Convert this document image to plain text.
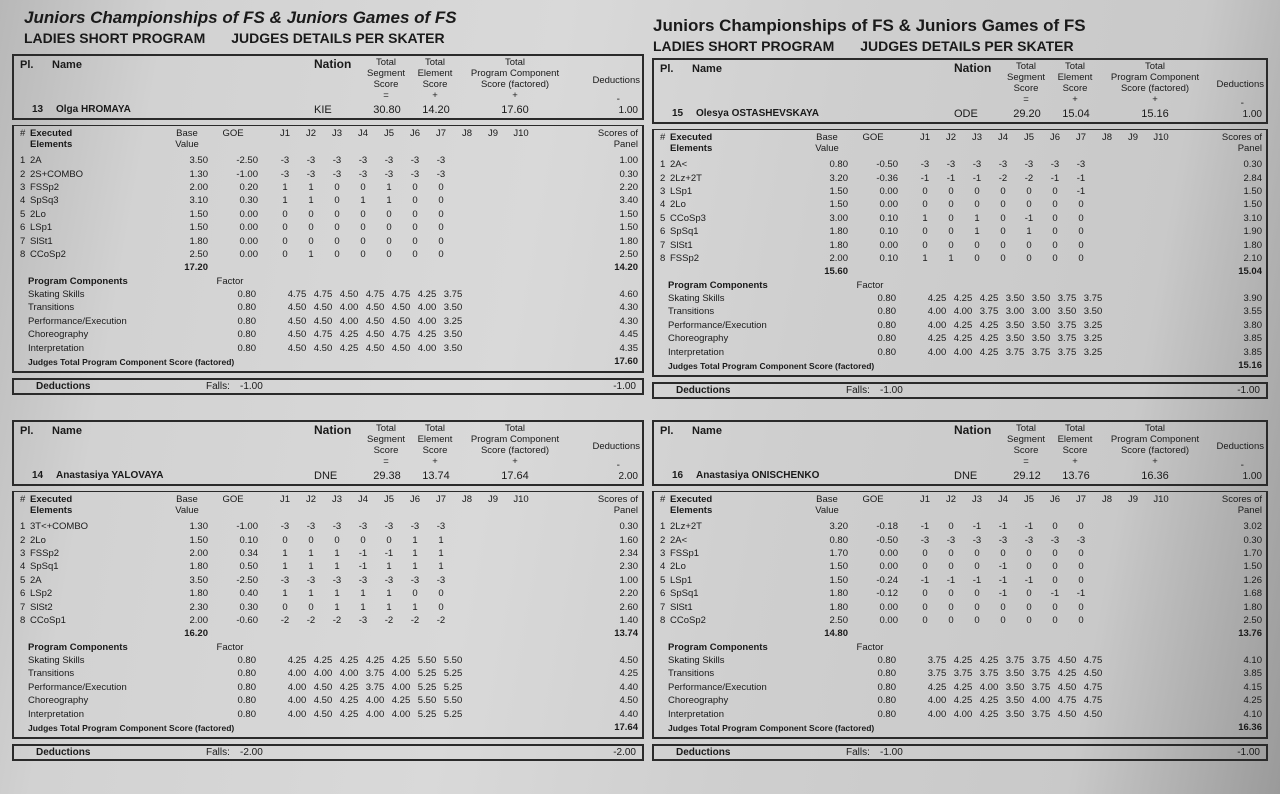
Juniors Championships of FS & Juniors Games of FS
LADIES SHORT PROGRAM JUDGES DETAILS PER SKATER
Juniors Championships of FS & Juniors Games of FS
LADIES SHORT PROGRAM JUDGES DETAILS PER SKATER
Pl. Name	Nation	Total
Segment
Score
=
Total
Element
Score
+
Total
Program Component
Score (factored)
+
Deductions
-
13 Olga HROMAYA	KIE	30.80	14.20	17.60	1.00
# Executed
Elements
Base
Value
GOE	J1	J2	J3	J4	J5	J6	J7	J8	J9	J10	Scores of
Panel
1 2A	3.50	-2.50	-3	-3	-3	-3	-3	-3	-3	1.00
2 2S+COMBO	1.30	-1.00	-3	-3	-3	-3	-3	-3	-3	0.30
3 FSSp2	2.00	0.20	1	1	0	0	1	0	0	2.20
4 SpSq3	3.10	0.30	1	1	0	1	1	0	0	3.40
5 2Lo	1.50	0.00	0	0	0	0	0	0	0	1.50
6 LSp1	1.50	0.00	0	0	0	0	0	0	0	1.50
7 SlSt1	1.80	0.00	0	0	0	0	0	0	0	1.80
8 CCoSp2	2.50	0.00	0	1	0	0	0	0	0	2.50
17.20	14.20
Program Components	Factor
Skating Skills	0.80	4.75 4.75 4.50 4.75 4.75 4.25 3.75	4.60
Transitions	0.80	4.50 4.50 4.00 4.50 4.50 4.00 3.50	4.30
Performance/Execution	0.80	4.50 4.50 4.00 4.50 4.50 4.00 3.25	4.30
Choreography	0.80	4.50 4.75 4.25 4.50 4.75 4.25 3.50	4.45
Interpretation	0.80	4.50 4.50 4.25 4.50 4.50 4.00 3.50	4.35
Judges Total Program Component Score (factored)	17.60
Deductions	Falls:	-1.00	-1.00
Pl. Name	Nation	Total
Segment
Score
=
Total
Element
Score
+
Total
Program Component
Score (factored)
+
Deductions
-
15 Olesya OSTASHEVSKAYA	ODE	29.20	15.04	15.16	1.00
# Executed
Elements
Base
Value
GOE	J1	J2	J3	J4	J5	J6	J7	J8	J9	J10	Scores of
Panel
1 2A<	0.80	-0.50	-3	-3	-3	-3	-3	-3	-3	0.30
2 2Lz+2T	3.20	-0.36	-1	-1	-1	-2	-2	-1	-1	2.84
3 LSp1	1.50	0.00	0	0	0	0	0	0	-1	1.50
4 2Lo	1.50	0.00	0	0	0	0	0	0	0	1.50
5 CCoSp3	3.00	0.10	1	0	1	0	-1	0	0	3.10
6 SpSq1	1.80	0.10	0	0	1	0	1	0	0	1.90
7 SlSt1	1.80	0.00	0	0	0	0	0	0	0	1.80
8 FSSp2	2.00	0.10	1	1	0	0	0	0	0	2.10
15.60	15.04
Program Components	Factor
Skating Skills	0.80	4.25 4.25 4.25 3.50 3.50 3.75 3.75	3.90
Transitions	0.80	4.00 4.00 3.75 3.00 3.00 3.50 3.50	3.55
Performance/Execution	0.80	4.00 4.25 4.25 3.50 3.50 3.75 3.25	3.80
Choreography	0.80	4.25 4.25 4.25 3.50 3.50 3.75 3.25	3.85
Interpretation	0.80	4.00 4.00 4.25 3.75 3.75 3.75 3.25	3.85
Judges Total Program Component Score (factored)	15.16
Deductions	Falls:	-1.00	-1.00
Pl. Name	Nation	Total
Segment
Score
=
Total
Element
Score
+
Total
Program Component
Score (factored)
+
Deductions
-
14 Anastasiya YALOVAYA	DNE	29.38	13.74	17.64	2.00
# Executed
Elements
Base
Value
GOE	J1	J2	J3	J4	J5	J6	J7	J8	J9	J10	Scores of
Panel
1 3T<+COMBO	1.30	-1.00	-3	-3	-3	-3	-3	-3	-3	0.30
2 2Lo	1.50	0.10	0	0	0	0	0	1	1	1.60
3 FSSp2	2.00	0.34	1	1	1	-1	-1	1	1	2.34
4 SpSq1	1.80	0.50	1	1	1	-1	1	1	1	2.30
5 2A	3.50	-2.50	-3	-3	-3	-3	-3	-3	-3	1.00
6 LSp2	1.80	0.40	1	1	1	1	1	0	0	2.20
7 SlSt2	2.30	0.30	0	0	1	1	1	1	0	2.60
8 CCoSp1	2.00	-0.60	-2	-2	-2	-3	-2	-2	-2	1.40
16.20	13.74
Program Components	Factor
Skating Skills	0.80	4.25 4.25 4.25 4.25 4.25 5.50 5.50	4.50
Transitions	0.80	4.00 4.00 4.00 3.75 4.00 5.25 5.25	4.25
Performance/Execution	0.80	4.00 4.50 4.25 3.75 4.00 5.25 5.25	4.40
Choreography	0.80	4.00 4.50 4.25 4.00 4.25 5.50 5.50	4.50
Interpretation	0.80	4.00 4.50 4.25 4.00 4.00 5.25 5.25	4.40
Judges Total Program Component Score (factored)	17.64
Deductions	Falls:	-2.00	-2.00
Pl. Name	Nation	Total
Segment
Score
=
Total
Element
Score
+
Total
Program Component
Score (factored)
+
Deductions
-
16 Anastasiya ONISCHENKO	DNE	29.12	13.76	16.36	1.00
# Executed
Elements
Base
Value
GOE	J1	J2	J3	J4	J5	J6	J7	J8	J9	J10	Scores of
Panel
1 2Lz+2T	3.20	-0.18	-1	0	-1	-1	-1	0	0	3.02
2 2A<	0.80	-0.50	-3	-3	-3	-3	-3	-3	-3	0.30
3 FSSp1	1.70	0.00	0	0	0	0	0	0	0	1.70
4 2Lo	1.50	0.00	0	0	0	-1	0	0	0	1.50
5 LSp1	1.50	-0.24	-1	-1	-1	-1	-1	0	0	1.26
6 SpSq1	1.80	-0.12	0	0	0	-1	0	-1	-1	1.68
7 SlSt1	1.80	0.00	0	0	0	0	0	0	0	1.80
8 CCoSp2	2.50	0.00	0	0	0	0	0	0	0	2.50
14.80	13.76
Program Components	Factor
Skating Skills	0.80	3.75 4.25 4.25 3.75 3.75 4.50 4.75	4.10
Transitions	0.80	3.75 3.75 3.75 3.50 3.75 4.25 4.50	3.85
Performance/Execution	0.80	4.25 4.25 4.00 3.50 3.75 4.50 4.75	4.15
Choreography	0.80	4.00 4.25 4.25 3.50 4.00 4.75 4.75	4.25
Interpretation	0.80	4.00 4.00 4.25 3.50 3.75 4.50 4.50	4.10
Judges Total Program Component Score (factored)	16.36
Deductions	Falls:	-1.00	-1.00
